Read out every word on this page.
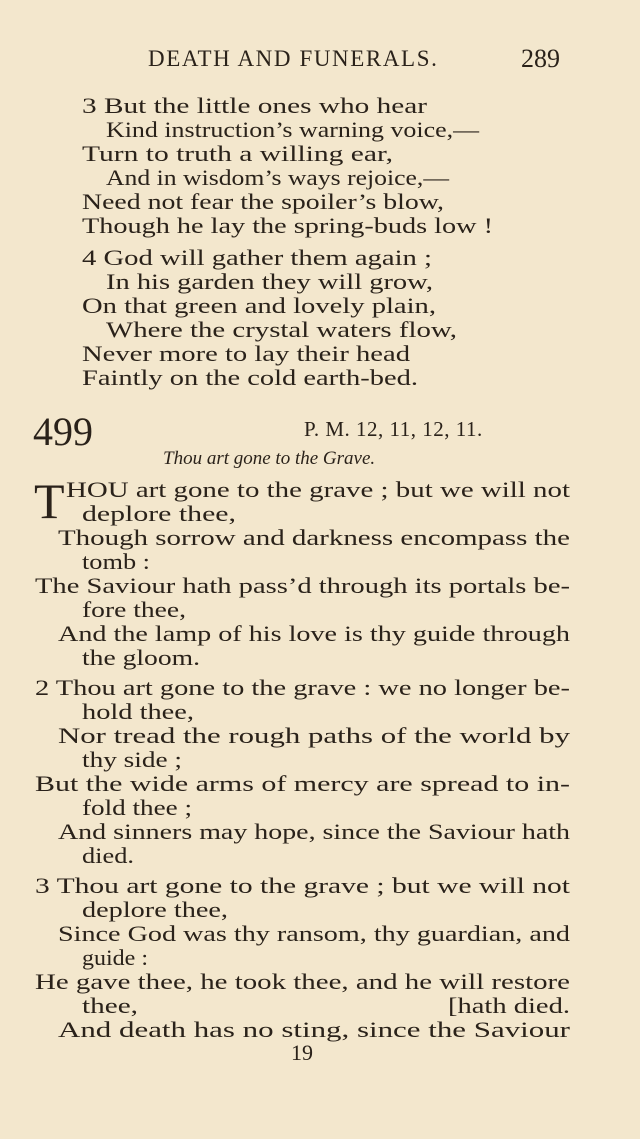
DEATH AND FUNERALS.	289
3 But the little ones who hear
Kind instruction’s warning voice,—
Turn to truth a willing ear,
And in wisdom’s ways rejoice,—
Need not fear the spoiler’s blow,
Though he lay the spring-buds low !
4 God will gather them again ;
In his garden they will grow,
On that green and lovely plain,
Where the crystal waters flow,
Never more to lay their head
Faintly on the cold earth-bed.
499	P. M. 12, 11, 12, 11.
Thou art gone to the Grave.
T HOU art gone to the grave ; but we will not
deplore thee,
Though sorrow and darkness encompass the
tomb :
The Saviour hath pass’d through its portals be-
fore thee,
And the lamp of his love is thy guide through
the gloom.
2 Thou art gone to the grave : we no longer be-
hold thee,
Nor tread the rough paths of the world by
thy side ;
But the wide arms of mercy are spread to in-
fold thee ;
And sinners may hope, since the Saviour hath
died.
3 Thou art gone to the grave ; but we will not
deplore thee,
Since God was thy ransom, thy guardian, and
guide :
He gave thee, he took thee, and he will restore
thee,	[hath died.
And death has no sting, since the Saviour
19
